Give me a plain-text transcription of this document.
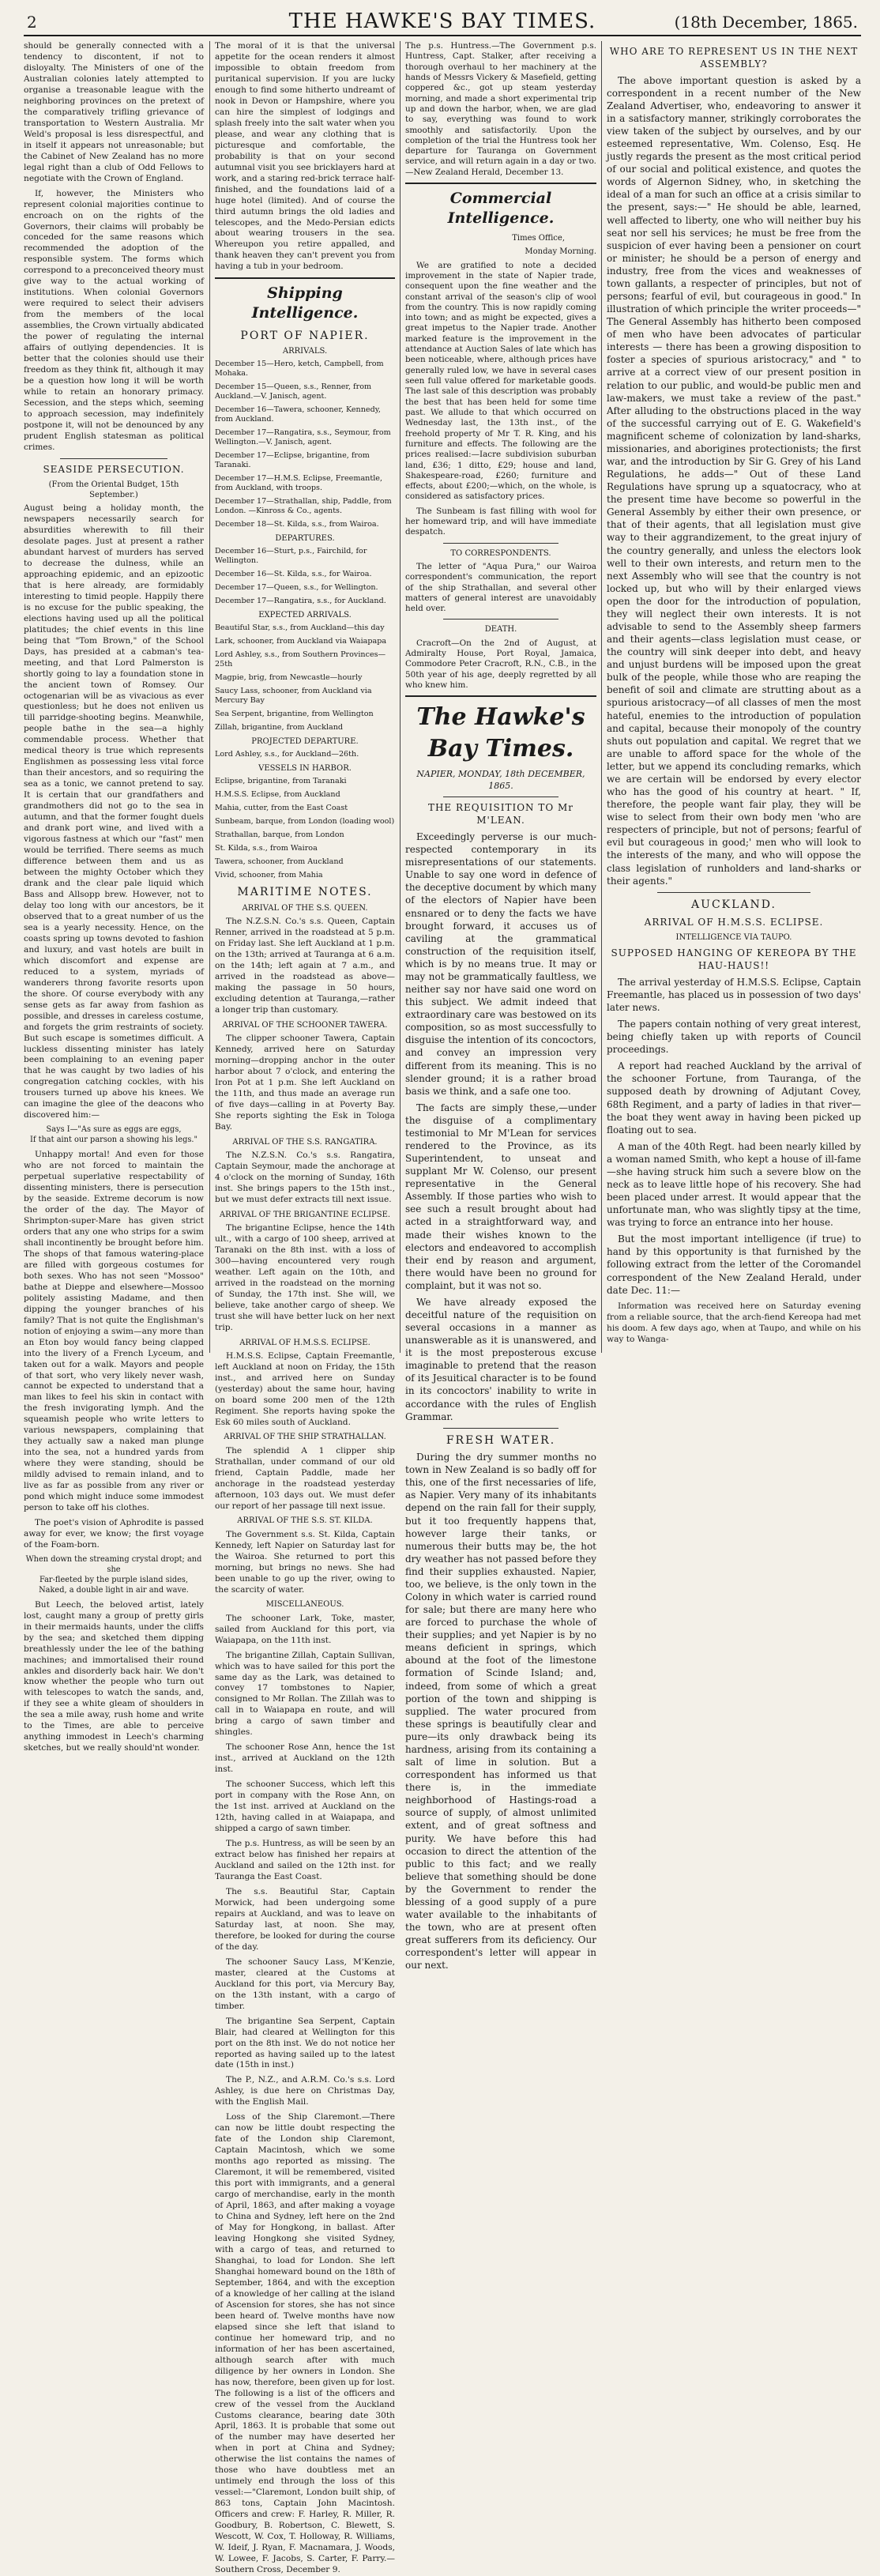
2	THE HAWKE'S BAY TIMES.	(18th December, 1865.

should be generally connected with a tendency to discontent, if not to disloyalty. The Ministers of one of the Australian colonies lately attempted to organise a treasonable league with the neighboring provinces on the pretext of the comparatively trifling grievance of transportation to Western Australia. Mr Weld's proposal is less disrespectful, and in itself it appears not unreasonable; but the Cabinet of New Zealand has no more legal right than a club of Odd Fellows to negotiate with the Crown of England.

If, however, the Ministers who represent colonial majorities continue to encroach on on the rights of the Governors, their claims will probably be conceded for the same reasons which recommended the adoption of the responsible system. The forms which correspond to a preconceived theory must give way to the actual working of institutions. When colonial Governors were required to select their advisers from the members of the local assemblies, the Crown virtually abdicated the power of regulating the internal affairs of outlying dependencies. It is better that the colonies should use their freedom as they think fit, although it may be a question how long it will be worth while to retain an honorary primacy. Secession, and the steps which, seeming to approach secession, may indefinitely postpone it, will not be denounced by any prudent English statesman as political crimes.

SEASIDE PERSECUTION.
(From the Oriental Budget, 15th September.)

August being a holiday month, the newspapers necessarily search for absurdities wherewith to fill their desolate pages. Just at present a rather abundant harvest of murders has served to decrease the dulness, while an approaching epidemic, and an epizootic that is here already, are formidably interesting to timid people. Happily there is no excuse for the public speaking, the elections having used up all the political platitudes; the chief events in this line being that "Tom Brown," of the School Days, has presided at a cabman's tea-meeting, and that Lord Palmerston is shortly going to lay a foundation stone in the ancient town of Romsey. Our octogenarian will be as vivacious as ever questionless; but he does not enliven us till parridge-shooting begins. Meanwhile, people bathe in the sea—a highly commendable process. Whether that medical theory is true which represents Englishmen as possessing less vital force than their ancestors, and so requiring the sea as a tonic, we cannot pretend to say. It is certain that our grandfathers and grandmothers did not go to the sea in autumn, and that the former fought duels and drank port wine, and lived with a vigorous fastness at which our "fast" men would be terrified. There seems as much difference between them and us as between the mighty October which they drank and the clear pale liquid which Bass and Allsopp brew. However, not to delay too long with our ancestors, be it observed that to a great number of us the sea is a yearly necessity. Hence, on the coasts spring up towns devoted to fashion and luxury, and vast hotels are built in which discomfort and expense are reduced to a system, myriads of wanderers throng favorite resorts upon the shore. Of course everybody with any sense gets as far away from fashion as possible, and dresses in careless costume, and forgets the grim restraints of society. But such escape is sometimes difficult. A luckless dissenting minister has lately been complaining to an evening paper that he was caught by two ladies of his congregation catching cockles, with his trousers turned up above his knees. We can imagine the glee of the deacons who discovered him:—

Says I—"As sure as eggs are eggs,
If that aint our parson a showing his legs."

Unhappy mortal! And even for those who are not forced to maintain the perpetual superlative respectability of dissenting ministers, there is persecution by the seaside. Extreme decorum is now the order of the day. The Mayor of Shrimpton-super-Mare has given strict orders that any one who strips for a swim shall incontinently be brought before him. The shops of that famous watering-place are filled with gorgeous costumes for both sexes. Who has not seen "Mossoo" bathe at Dieppe and elsewhere—Mossoo politely assisting Madame, and then dipping the younger branches of his family? That is not quite the Englishman's notion of enjoying a swim—any more than an Eton boy would fancy being clapped into the livery of a French Lyceum, and taken out for a walk. Mayors and people of that sort, who very likely never wash, cannot be expected to understand that a man likes to feel his skin in contact with the fresh invigorating lymph. And the squeamish people who write letters to various newspapers, complaining that they actually saw a naked man plunge into the sea, not a hundred yards from where they were standing, should be mildly advised to remain inland, and to live as far as possible from any river or pond which might induce some immodest person to take off his clothes.

The poet's vision of Aphrodite is passed away for ever, we know; the first voyage of the Foam-born.

When down the streaming crystal dropt; and she
Far-fleeted by the purple island sides,
Naked, a double light in air and wave.

But Leech, the beloved artist, lately lost, caught many a group of pretty girls in their mermaids haunts, under the cliffs by the sea; and sketched them dipping breathlessly under the lee of the bathing machines; and immortalised their round ankles and disorderly back hair. We don't know whether the people who turn out with telescopes to watch the sands, and, if they see a white gleam of shoulders in the sea a mile away, rush home and write to the Times, are able to perceive anything immodest in Leech's charming sketches, but we really should'nt wonder.

The moral of it is that the universal appetite for the ocean renders it almost impossible to obtain freedom from puritanical supervision. If you are lucky enough to find some hitherto undreamt of nook in Devon or Hampshire, where you can hire the simplest of lodgings and splash freely into the salt water when you please, and wear any clothing that is picturesque and comfortable, the probability is that on your second autumnal visit you see bricklayers hard at work, and a staring red-brick terrace half-finished, and the foundations laid of a huge hotel (limited). And of course the third autumn brings the old ladies and telescopes, and the Medo-Persian edicts about wearing trousers in the sea. Whereupon you retire appalled, and thank heaven they can't prevent you from having a tub in your bedroom.

Shipping Intelligence.
PORT OF NAPIER.
ARRIVALS.

December 15—Hero, ketch, Campbell, from Mohaka.

December 15—Queen, s.s., Renner, from Auckland.—V. Janisch, agent.

December 16—Tawera, schooner, Kennedy, from Auckland.

December 17—Rangatira, s.s., Seymour, from Wellington.—V. Janisch, agent.

December 17—Eclipse, brigantine, from Taranaki.

December 17—H.M.S. Eclipse, Freemantle, from Auckland, with troops.

December 17—Strathallan, ship, Paddle, from London. —Kinross & Co., agents.

December 18—St. Kilda, s.s., from Wairoa.

DEPARTURES.

December 16—Sturt, p.s., Fairchild, for Wellington.

December 16—St. Kilda, s.s., for Wairoa.

December 17—Queen, s.s., for Wellington.

December 17—Rangatira, s.s., for Auckland.

EXPECTED ARRIVALS.

Beautiful Star, s.s., from Auckland—this day

Lark, schooner, from Auckland via Waiapapa

Lord Ashley, s.s., from Southern Provinces—25th

Magpie, brig, from Newcastle—hourly

Saucy Lass, schooner, from Auckland via Mercury Bay

Sea Serpent, brigantine, from Wellington

Zillah, brigantine, from Auckland

PROJECTED DEPARTURE.

Lord Ashley, s.s., for Auckland—26th.

VESSELS IN HARBOR.

Eclipse, brigantine, from Taranaki

H.M.S.S. Eclipse, from Auckland

Mahia, cutter, from the East Coast

Sunbeam, barque, from London (loading wool)

Strathallan, barque, from London

St. Kilda, s.s., from Wairoa

Tawera, schooner, from Auckland

Vivid, schooner, from Mahia

MARITIME NOTES.
ARRIVAL OF THE S.S. QUEEN.

The N.Z.S.N. Co.'s s.s. Queen, Captain Renner, arrived in the roadstead at 5 p.m. on Friday last. She left Auckland at 1 p.m. on the 13th; arrived at Tauranga at 6 a.m. on the 14th; left again at 7 a.m., and arrived in the roadstead as above—making the passage in 50 hours, excluding detention at Tauranga,—rather a longer trip than customary.

ARRIVAL OF THE SCHOONER TAWERA.

The clipper schooner Tawera, Captain Kennedy, arrived here on Saturday morning—dropping anchor in the outer harbor about 7 o'clock, and entering the Iron Pot at 1 p.m. She left Auckland on the 11th, and thus made an average run of five days—calling in at Poverty Bay. She reports sighting the Esk in Tologa Bay.

ARRIVAL OF THE S.S. RANGATIRA.

The N.Z.S.N. Co.'s s.s. Rangatira, Captain Seymour, made the anchorage at 4 o'clock on the morning of Sunday, 16th inst. She brings papers to the 15th inst., but we must defer extracts till next issue.

ARRIVAL OF THE BRIGANTINE ECLIPSE.

The brigantine Eclipse, hence the 14th ult., with a cargo of 100 sheep, arrived at Taranaki on the 8th inst. with a loss of 300—having encountered very rough weather. Left again on the 10th, and arrived in the roadstead on the morning of Sunday, the 17th inst. She will, we believe, take another cargo of sheep. We trust she will have better luck on her next trip.

ARRIVAL OF H.M.S.S. ECLIPSE.

H.M.S.S. Eclipse, Captain Freemantle, left Auckland at noon on Friday, the 15th inst., and arrived here on Sunday (yesterday) about the same hour, having on board some 200 men of the 12th Regiment. She reports having spoke the Esk 60 miles south of Auckland.

ARRIVAL OF THE SHIP STRATHALLAN.

The splendid A 1 clipper ship Strathallan, under command of our old friend, Captain Paddle, made her anchorage in the roadstead yesterday afternoon, 103 days out. We must defer our report of her passage till next issue.

ARRIVAL OF THE S.S. ST. KILDA.

The Government s.s. St. Kilda, Captain Kennedy, left Napier on Saturday last for the Wairoa. She returned to port this morning, but brings no news. She had been unable to go up the river, owing to the scarcity of water.

MISCELLANEOUS.

The schooner Lark, Toke, master, sailed from Auckland for this port, via Waiapapa, on the 11th inst.

The brigantine Zillah, Captain Sullivan, which was to have sailed for this port the same day as the Lark, was detained to convey 17 tombstones to Napier, consigned to Mr Rollan. The Zillah was to call in to Waiapapa en route, and will bring a cargo of sawn timber and shingles.

The schooner Rose Ann, hence the 1st inst., arrived at Auckland on the 12th inst.

The schooner Success, which left this port in company with the Rose Ann, on the 1st inst. arrived at Auckland on the 12th, having called in at Waiapapa, and shipped a cargo of sawn timber.

The p.s. Huntress, as will be seen by an extract below has finished her repairs at Auckland and sailed on the 12th inst. for Tauranga the East Coast.

The s.s. Beautiful Star, Captain Morwick, had been undergoing some repairs at Auckland, and was to leave on Saturday last, at noon. She may, therefore, be looked for during the course of the day.

The schooner Saucy Lass, M'Kenzie, master, cleared at the Customs at Auckland for this port, via Mercury Bay, on the 13th instant, with a cargo of timber.

The brigantine Sea Serpent, Captain Blair, had cleared at Wellington for this port on the 8th inst. We do not notice her reported as having sailed up to the latest date (15th in inst.)

The P., N.Z., and A.R.M. Co.'s s.s. Lord Ashley, is due here on Christmas Day, with the English Mail.

Loss of the Ship Claremont.—There can now be little doubt respecting the fate of the London ship Claremont, Captain Macintosh, which we some months ago reported as missing. The Claremont, it will be remembered, visited this port with immigrants, and a general cargo of merchandise, early in the month of April, 1863, and after making a voyage to China and Sydney, left here on the 2nd of May for Hongkong, in ballast. After leaving Hongkong she visited Sydney, with a cargo of teas, and returned to Shanghai, to load for London. She left Shanghai homeward bound on the 18th of September, 1864, and with the exception of a knowledge of her calling at the island of Ascension for stores, she has not since been heard of. Twelve months have now elapsed since she left that island to continue her homeward trip, and no information of her has been ascertained, although search after with much diligence by her owners in London. She has now, therefore, been given up for lost. The following is a list of the officers and crew of the vessel from the Auckland Customs clearance, bearing date 30th April, 1863. It is probable that some out of the number may have deserted her when in port at China and Sydney; otherwise the list contains the names of those who have doubtless met an untimely end through the loss of this vessel:—"Claremont, London built ship, of 863 tons, Captain John Macintosh. Officers and crew: F. Harley, R. Miller, R. Goodbury, B. Robertson, C. Blewett, S. Wescott, W. Cox, T. Holloway, R. Williams, W. Ideif, J. Ryan, F. Macnamara, J. Woods, W. Lowee, F. Jacobs, S. Carter, F. Parry.—Southern Cross, December 9.

The p.s. Huntress.—The Government p.s. Huntress, Capt. Stalker, after receiving a thorough overhaul to her machinery at the hands of Messrs Vickery & Masefield, getting coppered &c., got up steam yesterday morning, and made a short experimental trip up and down the harbor, when, we are glad to say, everything was found to work smoothly and satisfactorily. Upon the completion of the trial the Huntress took her departure for Tauranga on Government service, and will return again in a day or two.—New Zealand Herald, December 13.

Commercial Intelligence.
Times Office,
Monday Morning.

We are gratified to note a decided improvement in the state of Napier trade, consequent upon the fine weather and the constant arrival of the season's clip of wool from the country. This is now rapidly coming into town; and as might be expected, gives a great impetus to the Napier trade. Another marked feature is the improvement in the attendance at Auction Sales of late which has been noticeable, where, although prices have generally ruled low, we have in several cases seen full value offered for marketable goods. The last sale of this description was probably the best that has been held for some time past. We allude to that which occurred on Wednesday last, the 13th inst., of the freehold property of Mr T. R. King, and his furniture and effects. The following are the prices realised:—Iacre subdivision suburban land, £36; 1 ditto, £29; house and land, Shakespeare-road, £260; furniture and effects, about £200;—which, on the whole, is considered as satisfactory prices.

The Sunbeam is fast filling with wool for her homeward trip, and will have immediate despatch.

TO CORRESPONDENTS.

The letter of "Aqua Pura," our Wairoa correspondent's communication, the report of the ship Strathallan, and several other matters of general interest are unavoidably held over.

DEATH.

Cracroft—On the 2nd of August, at Admiralty House, Port Royal, Jamaica, Commodore Peter Cracroft, R.N., C.B., in the 50th year of his age, deeply regretted by all who knew him.

The Hawke's Bay Times.
NAPIER, MONDAY, 18th DECEMBER, 1865.
THE REQUISITION TO Mr M'LEAN.

Exceedingly perverse is our much-respected contemporary in its misrepresentations of our statements. Unable to say one word in defence of the deceptive document by which many of the electors of Napier have been ensnared or to deny the facts we have brought forward, it accuses us of caviling at the grammatical construction of the requisition itself, which is by no means true. It may or may not be grammatically faultless, we neither say nor have said one word on this subject. We admit indeed that extraordinary care was bestowed on its composition, so as most successfully to disguise the intention of its concoctors, and convey an impression very different from its meaning. This is no slender ground; it is a rather broad basis we think, and a safe one too.

The facts are simply these,—under the disguise of a complimentary testimonial to Mr M'Lean for services rendered to the Province, as its Superintendent, to unseat and supplant Mr W. Colenso, our present representative in the General Assembly. If those parties who wish to see such a result brought about had acted in a straightforward way, and made their wishes known to the electors and endeavored to accomplish their end by reason and argument, there would have been no ground for complaint, but it was not so.

We have already exposed the deceitful nature of the requisition on several occasions in a manner as unanswerable as it is unanswered, and it is the most preposterous excuse imaginable to pretend that the reason of its Jesuitical character is to be found in its concoctors' inability to write in accordance with the rules of English Grammar.

FRESH WATER.

During the dry summer months no town in New Zealand is so badly off for this, one of the first necessaries of life, as Napier. Very many of its inhabitants depend on the rain fall for their supply, but it too frequently happens that, however large their tanks, or numerous their butts may be, the hot dry weather has not passed before they find their supplies exhausted. Napier, too, we believe, is the only town in the Colony in which water is carried round for sale; but there are many here who are forced to purchase the whole of their supplies; and yet Napier is by no means deficient in springs, which abound at the foot of the limestone formation of Scinde Island; and, indeed, from some of which a great portion of the town and shipping is supplied. The water procured from these springs is beautifully clear and pure—its only drawback being its hardness, arising from its containing a salt of lime in solution. But a correspondent has informed us that there is, in the immediate neighborhood of Hastings-road a source of supply, of almost unlimited extent, and of great softness and purity. We have before this had occasion to direct the attention of the public to this fact; and we really believe that something should be done by the Government to render the blessing of a good supply of a pure water available to the inhabitants of the town, who are at present often great sufferers from its deficiency. Our correspondent's letter will appear in our next.

WHO ARE TO REPRESENT US IN THE NEXT ASSEMBLY?

The above important question is asked by a correspondent in a recent number of the New Zealand Advertiser, who, endeavoring to answer it in a satisfactory manner, strikingly corroborates the view taken of the subject by ourselves, and by our esteemed representative, Wm. Colenso, Esq. He justly regards the present as the most critical period of our social and political existence, and quotes the words of Algernon Sidney, who, in sketching the ideal of a man for such an office at a crisis similar to the present, says:—" He should be able, learned, well affected to liberty, one who will neither buy his seat nor sell his services; he must be free from the suspicion of ever having been a pensioner on court or minister; he should be a person of energy and industry, free from the vices and weaknesses of town gallants, a respecter of principles, but not of persons; fearful of evil, but courageous in good." In illustration of which principle the writer proceeds—" The General Assembly has hitherto been composed of men who have been advocates of particular interests — there has been a growing disposition to foster a species of spurious aristocracy," and " to arrive at a correct view of our present position in relation to our public, and would-be public men and law-makers, we must take a review of the past." After alluding to the obstructions placed in the way of the successful carrying out of E. G. Wakefield's magnificent scheme of colonization by land-sharks, missionaries, and aborigines protectionists; the first war, and the introduction by Sir G. Grey of his Land Regulations, he adds—" Out of these Land Regulations have sprung up a squatocracy, who at the present time have become so powerful in the General Assembly by either their own presence, or that of their agents, that all legislation must give way to their aggrandizement, to the great injury of the country generally, and unless the electors look well to their own interests, and return men to the next Assembly who will see that the country is not locked up, but who will by their enlarged views open the door for the introduction of population, they will neglect their own interests. It is not advisable to send to the Assembly sheep farmers and their agents—class legislation must cease, or the country will sink deeper into debt, and heavy and unjust burdens will be imposed upon the great bulk of the people, while those who are reaping the benefit of soil and climate are strutting about as a spurious aristocracy—of all classes of men the most hateful, enemies to the introduction of population and capital, because their monopoly of the country shuts out population and capital. We regret that we are unable to afford space for the whole of the letter, but we append its concluding remarks, which we are certain will be endorsed by every elector who has the good of his country at heart. " If, therefore, the people want fair play, they will be wise to select from their own body men 'who are respecters of principle, but not of persons; fearful of evil but courageous in good;' men who will look to the interests of the many, and who will oppose the class legislation of runholders and land-sharks or their agents."

AUCKLAND.
ARRIVAL OF H.M.S.S. ECLIPSE.
INTELLIGENCE VIA TAUPO.
SUPPOSED HANGING OF KEREOPA BY THE HAU-HAUS!!

The arrival yesterday of H.M.S.S. Eclipse, Captain Freemantle, has placed us in possession of two days' later news.

The papers contain nothing of very great interest, being chiefly taken up with reports of Council proceedings.

A report had reached Auckland by the arrival of the schooner Fortune, from Tauranga, of the supposed death by drowning of Adjutant Covey, 68th Regiment, and a party of ladies in that river—the boat they went away in having been picked up floating out to sea.

A man of the 40th Regt. had been nearly killed by a woman named Smith, who kept a house of ill-fame—she having struck him such a severe blow on the neck as to leave little hope of his recovery. She had been placed under arrest. It would appear that the unfortunate man, who was slightly tipsy at the time, was trying to force an entrance into her house.

But the most important intelligence (if true) to hand by this opportunity is that furnished by the following extract from the letter of the Coromandel correspondent of the New Zealand Herald, under date Dec. 11:—

Information was received here on Saturday evening from a reliable source, that the arch-fiend Kereopa had met his doom. A few days ago, when at Taupo, and while on his way to Wanga-
